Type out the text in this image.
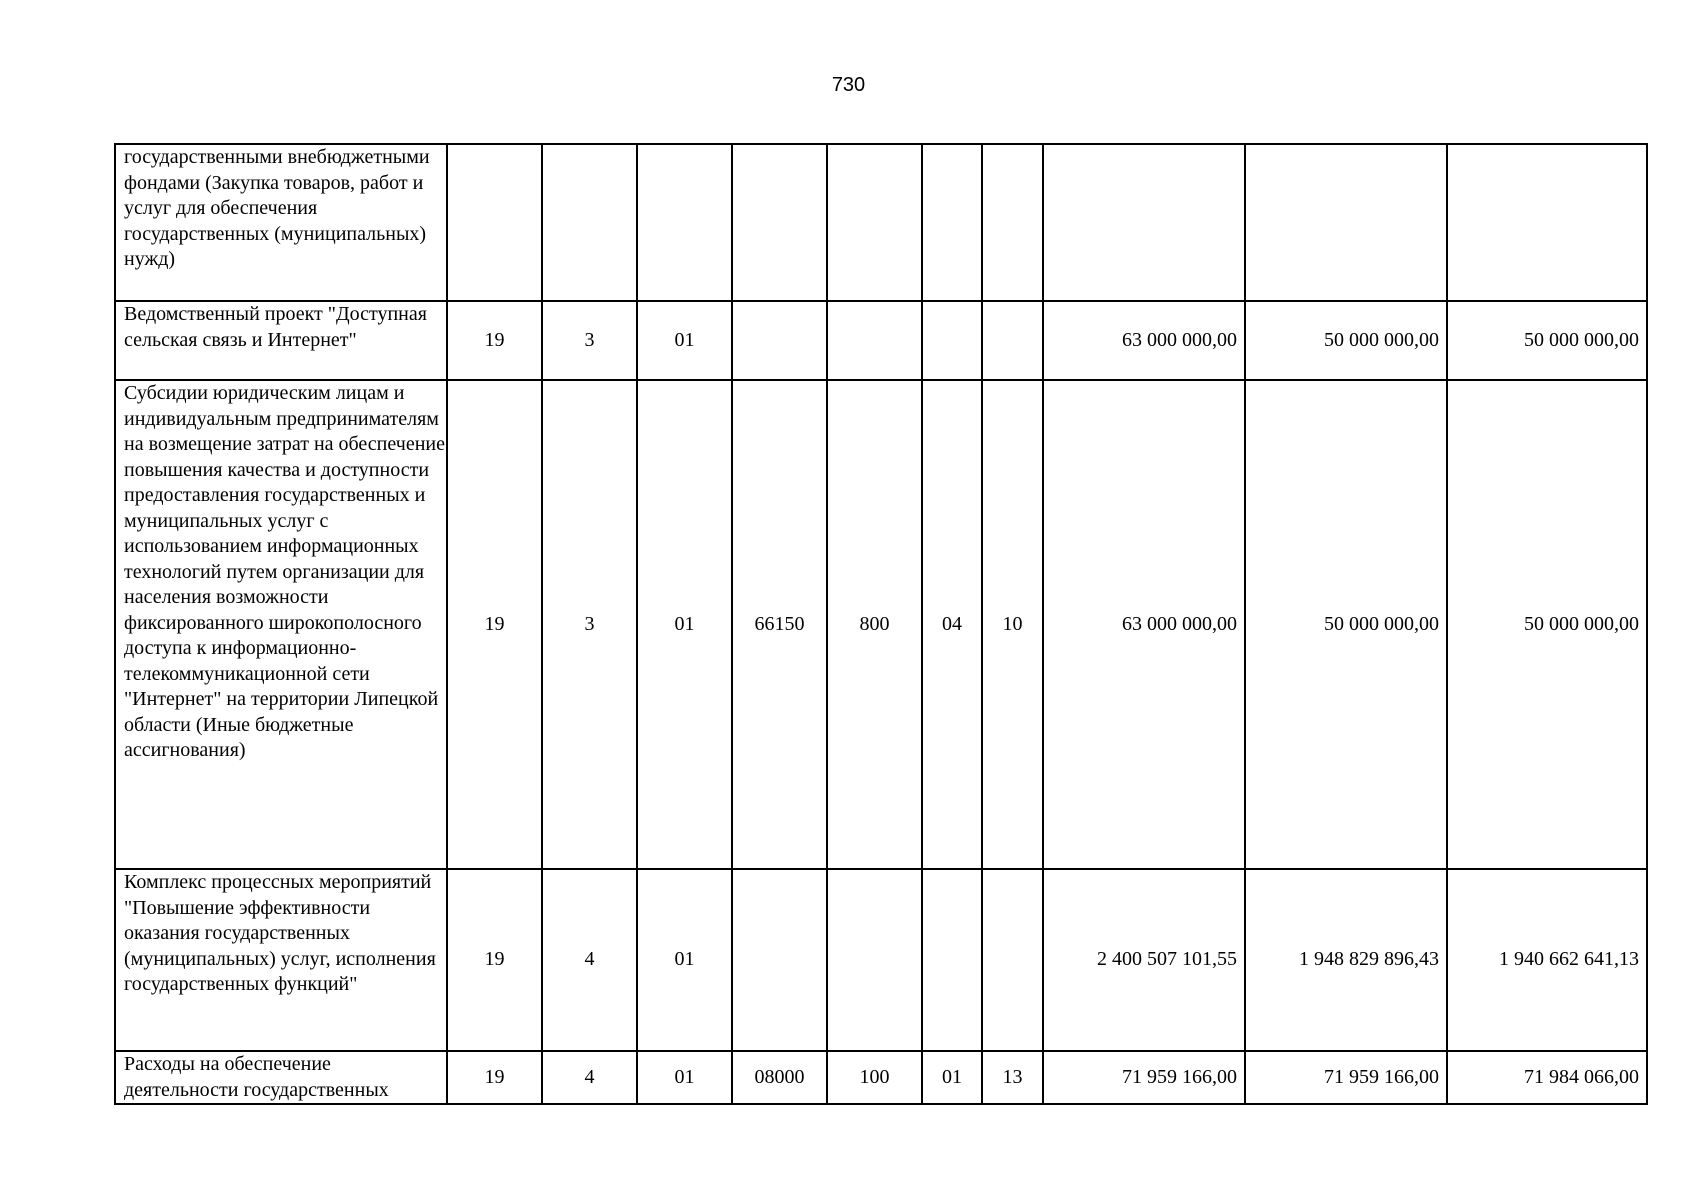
730
государственными внебюджетными фондами (Закупка товаров, работ и услуг для обеспечения государственных (муниципальных) нужд)										
Ведомственный проект "Доступная сельская связь и Интернет"	19	3	01					63 000 000,00	50 000 000,00	50 000 000,00
Субсидии юридическим лицам и индивидуальным предпринимателям на возмещение затрат на обеспечение повышения качества и доступности предоставления государственных и муниципальных услуг с использованием информационных технологий путем организации для населения возможности фиксированного широкополосного доступа к информационно-телекоммуникационной сети "Интернет" на территории Липецкой области (Иные бюджетные ассигнования)	19	3	01	66150	800	04	10	63 000 000,00	50 000 000,00	50 000 000,00
Комплекс процессных мероприятий "Повышение эффективности оказания государственных (муниципальных) услуг, исполнения государственных функций"	19	4	01					2 400 507 101,55	1 948 829 896,43	1 940 662 641,13
Расходы на обеспечение деятельности государственных	19	4	01	08000	100	01	13	71 959 166,00	71 959 166,00	71 984 066,00
